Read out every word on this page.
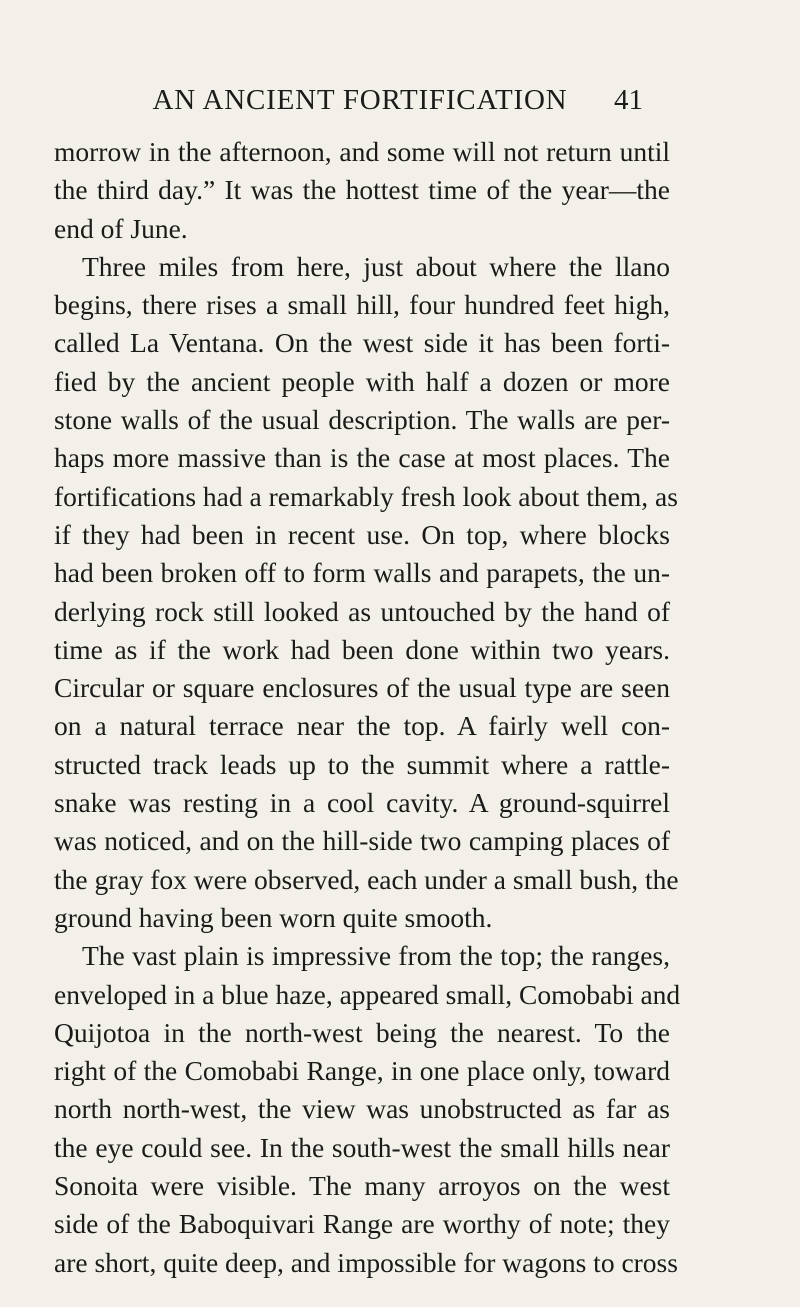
AN ANCIENT FORTIFICATION	41
morrow in the afternoon, and some will not return until
the third day.” It was the hottest time of the year—the
end of June.
Three miles from here, just about where the llano
begins, there rises a small hill, four hundred feet high,
called La Ventana. On the west side it has been forti-
fied by the ancient people with half a dozen or more
stone walls of the usual description. The walls are per-
haps more massive than is the case at most places. The
fortifications had a remarkably fresh look about them, as
if they had been in recent use. On top, where blocks
had been broken off to form walls and parapets, the un-
derlying rock still looked as untouched by the hand of
time as if the work had been done within two years.
Circular or square enclosures of the usual type are seen
on a natural terrace near the top. A fairly well con-
structed track leads up to the summit where a rattle-
snake was resting in a cool cavity. A ground-squirrel
was noticed, and on the hill-side two camping places of
the gray fox were observed, each under a small bush, the
ground having been worn quite smooth.
The vast plain is impressive from the top; the ranges,
enveloped in a blue haze, appeared small, Comobabi and
Quijotoa in the north-west being the nearest. To the
right of the Comobabi Range, in one place only, toward
north north-west, the view was unobstructed as far as
the eye could see. In the south-west the small hills near
Sonoita were visible. The many arroyos on the west
side of the Baboquivari Range are worthy of note; they
are short, quite deep, and impossible for wagons to cross
